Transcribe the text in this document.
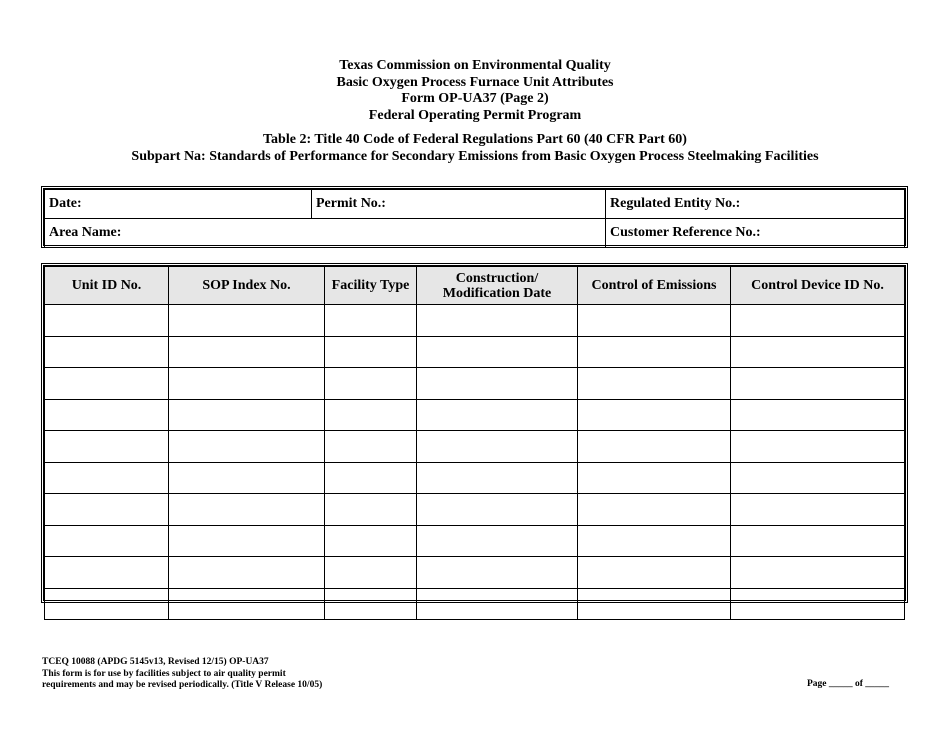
Texas Commission on Environmental Quality
Basic Oxygen Process Furnace Unit Attributes
Form OP-UA37 (Page 2)
Federal Operating Permit Program
Table 2: Title 40 Code of Federal Regulations Part 60 (40 CFR Part 60)
Subpart Na: Standards of Performance for Secondary Emissions from Basic Oxygen Process Steelmaking Facilities
Date:	Permit No.:	Regulated Entity No.:
Area Name:		Customer Reference No.:
Unit ID No.	SOP Index No.	Facility Type	Construction/ Modification Date	Control of Emissions	Control Device ID No.

TCEQ 10088 (APDG 5145v13, Revised 12/15) OP-UA37
This form is for use by facilities subject to air quality permit
requirements and may be revised periodically. (Title V Release 10/05)	Page _____ of _____
